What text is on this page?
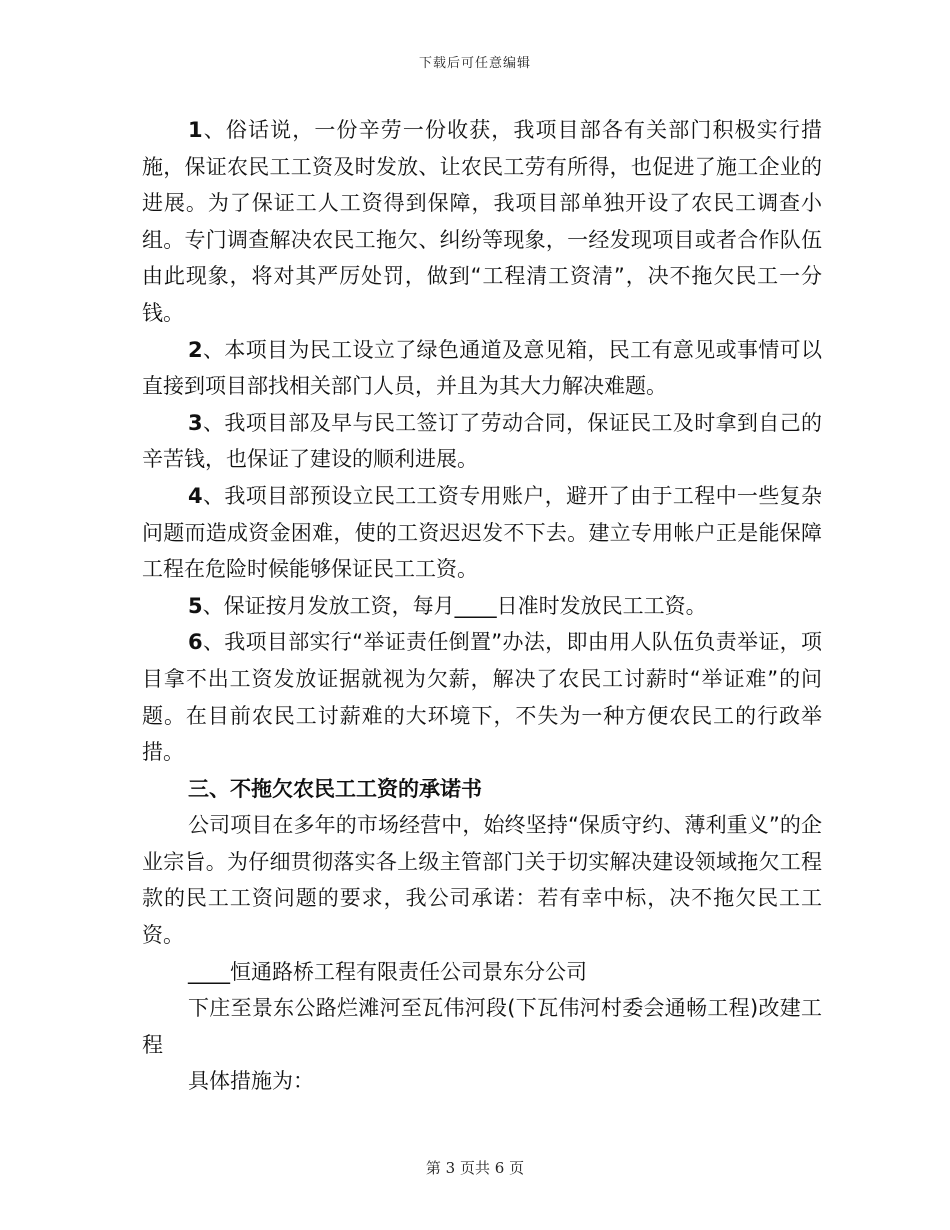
下载后可任意编辑

1、俗话说，一份辛劳一份收获，我项目部各有关部门积极实行措施，保证农民工工资及时发放、让农民工劳有所得，也促进了施工企业的进展。为了保证工人工资得到保障，我项目部单独开设了农民工调查小组。专门调查解决农民工拖欠、纠纷等现象，一经发现项目或者合作队伍由此现象，将对其严厉处罚，做到“工程清工资清”，决不拖欠民工一分钱。

2、本项目为民工设立了绿色通道及意见箱，民工有意见或事情可以直接到项目部找相关部门人员，并且为其大力解决难题。

3、我项目部及早与民工签订了劳动合同，保证民工及时拿到自己的辛苦钱，也保证了建设的顺利进展。

4、我项目部预设立民工工资专用账户，避开了由于工程中一些复杂问题而造成资金困难，使的工资迟迟发不下去。建立专用帐户正是能保障工程在危险时候能够保证民工工资。

5、保证按月发放工资，每月____日准时发放民工工资。

6、我项目部实行“举证责任倒置”办法，即由用人队伍负责举证，项目拿不出工资发放证据就视为欠薪，解决了农民工讨薪时“举证难”的问题。在目前农民工讨薪难的大环境下，不失为一种方便农民工的行政举措。

三、不拖欠农民工工资的承诺书

公司项目在多年的市场经营中，始终坚持“保质守约、薄利重义”的企业宗旨。为仔细贯彻落实各上级主管部门关于切实解决建设领域拖欠工程款的民工工资问题的要求，我公司承诺：若有幸中标，决不拖欠民工工资。

____恒通路桥工程有限责任公司景东分公司

下庄至景东公路烂滩河至瓦伟河段(下瓦伟河村委会通畅工程)改建工程

具体措施为：

第 3 页共 6 页
